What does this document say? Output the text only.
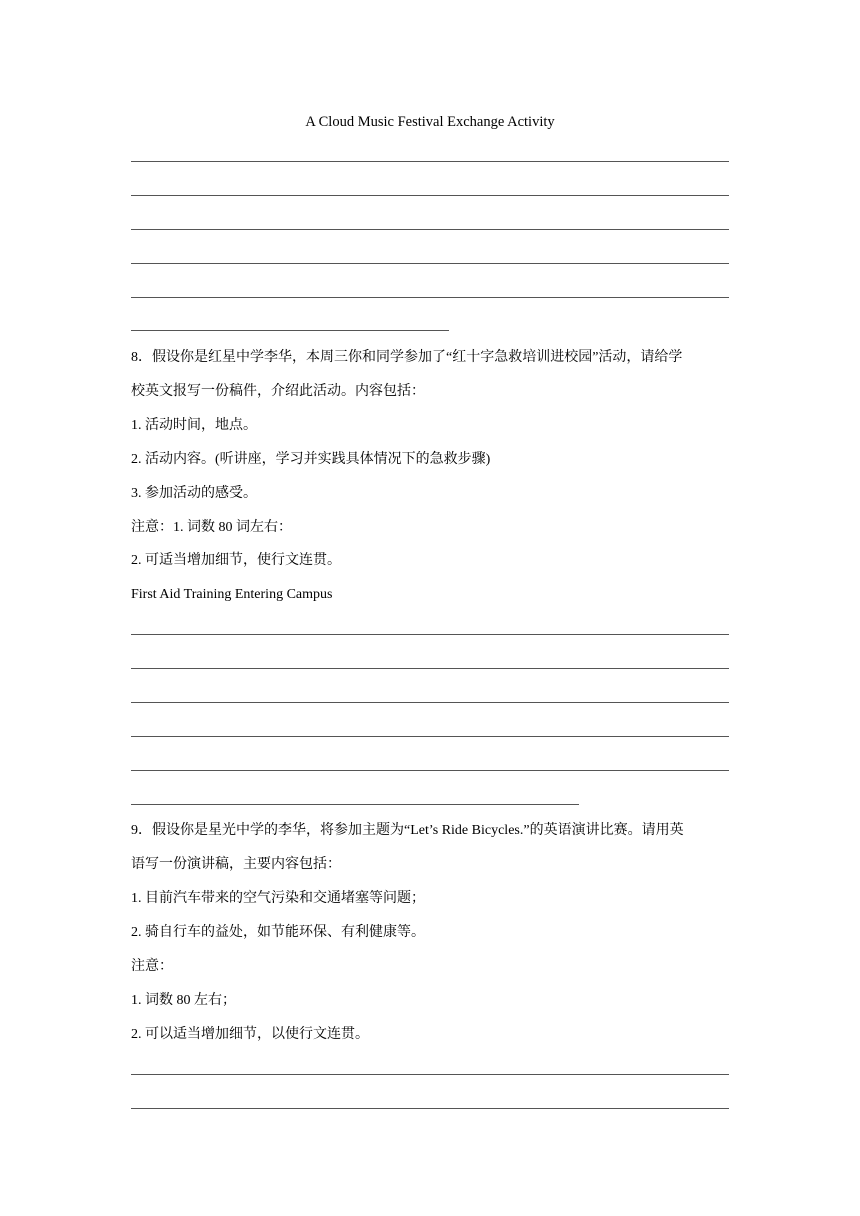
A Cloud Music Festival Exchange Activity
8．假设你是红星中学李华，本周三你和同学参加了“红十字急救培训进校园”活动，请给学
校英文报写一份稿件，介绍此活动。内容包括：
1. 活动时间，地点。
2. 活动内容。(听讲座，学习并实践具体情况下的急救步骤)
3. 参加活动的感受。
注意：1. 词数 80 词左右：
2. 可适当增加细节，使行文连贯。
First Aid Training Entering Campus
9．假设你是星光中学的李华，将参加主题为“Let’s Ride Bicycles.”的英语演讲比赛。请用英
语写一份演讲稿，主要内容包括：
1. 目前汽车带来的空气污染和交通堵塞等问题；
2. 骑自行车的益处，如节能环保、有利健康等。
注意：
1. 词数 80 左右；
2. 可以适当增加细节，以使行文连贯。
